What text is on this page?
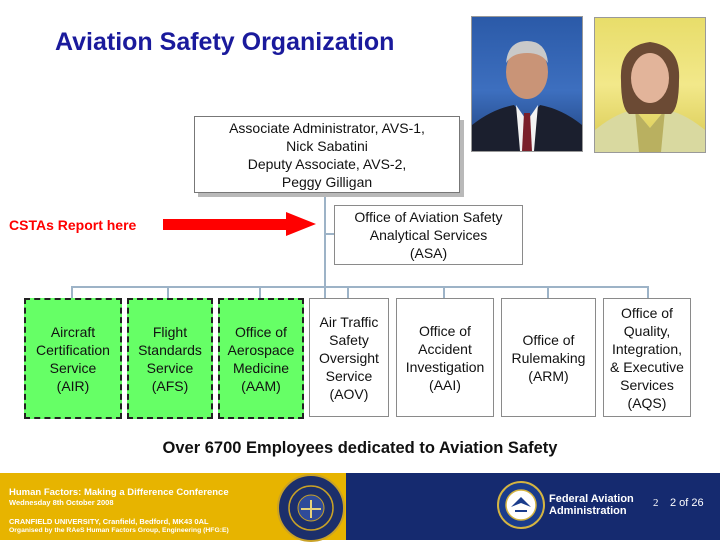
Aviation Safety Organization
Associate Administrator, AVS-1,
Nick Sabatini
Deputy Associate, AVS-2,
Peggy Gilligan
Office of Aviation Safety
Analytical Services
(ASA)
CSTAs Report here
Aircraft
Certification
Service
(AIR)
Flight
Standards
Service
(AFS)
Office of
Aerospace
Medicine
(AAM)
Air Traffic
Safety
Oversight
Service
(AOV)
Office of
Accident
Investigation
(AAI)
Office of
Rulemaking
(ARM)
Office of
Quality,
Integration,
& Executive
Services
(AQS)
Over 6700 Employees dedicated to Aviation Safety
Human Factors: Making a Difference Conference
Wednesday 8th October 2008
CRANFIELD UNIVERSITY, Cranfield, Bedford, MK43 0AL
Organised by the RAeS Human Factors Group, Engineering (HFG:E)
Federal Aviation
Administration
2 2 of 26
